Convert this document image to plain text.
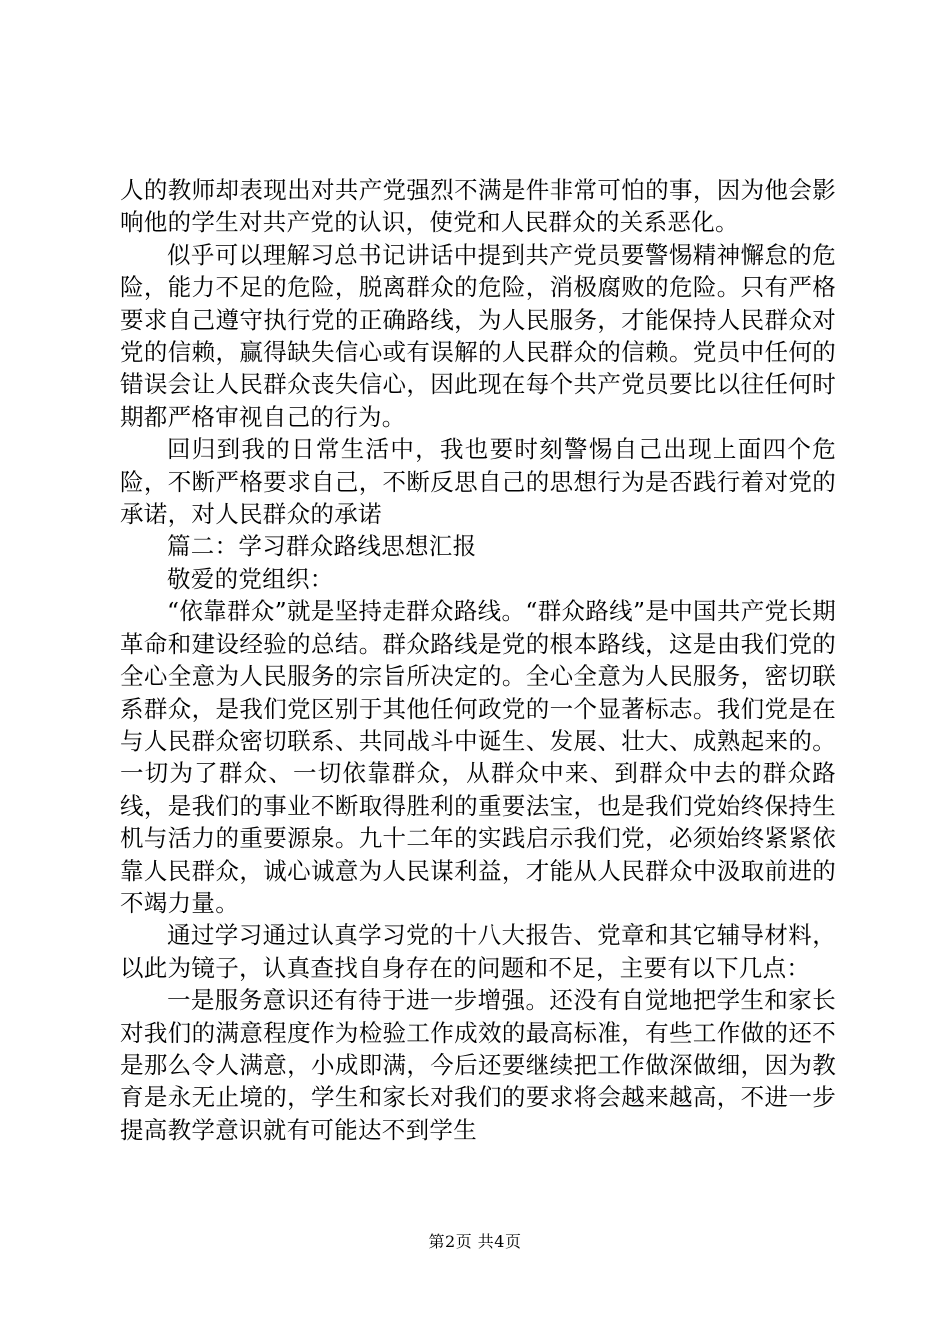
人的教师却表现出对共产党强烈不满是件非常可怕的事，因为他会影响他的学生对共产党的认识，使党和人民群众的关系恶化。

似乎可以理解习总书记讲话中提到共产党员要警惕精神懈怠的危险，能力不足的危险，脱离群众的危险，消极腐败的危险。只有严格要求自己遵守执行党的正确路线，为人民服务，才能保持人民群众对党的信赖，赢得缺失信心或有误解的人民群众的信赖。党员中任何的错误会让人民群众丧失信心，因此现在每个共产党员要比以往任何时期都严格审视自己的行为。

回归到我的日常生活中，我也要时刻警惕自己出现上面四个危险，不断严格要求自己，不断反思自己的思想行为是否践行着对党的承诺，对人民群众的承诺

篇二：学习群众路线思想汇报

敬爱的党组织：

“依靠群众”就是坚持走群众路线。“群众路线”是中国共产党长期革命和建设经验的总结。群众路线是党的根本路线，这是由我们党的全心全意为人民服务的宗旨所决定的。全心全意为人民服务，密切联系群众，是我们党区别于其他任何政党的一个显著标志。我们党是在与人民群众密切联系、共同战斗中诞生、发展、壮大、成熟起来的。一切为了群众、一切依靠群众，从群众中来、到群众中去的群众路线，是我们的事业不断取得胜利的重要法宝，也是我们党始终保持生机与活力的重要源泉。九十二年的实践启示我们党，必须始终紧紧依靠人民群众，诚心诚意为人民谋利益，才能从人民群众中汲取前进的不竭力量。

通过学习通过认真学习党的十八大报告、党章和其它辅导材料，以此为镜子，认真查找自身存在的问题和不足，主要有以下几点：

一是服务意识还有待于进一步增强。还没有自觉地把学生和家长对我们的满意程度作为检验工作成效的最高标准，有些工作做的还不是那么令人满意，小成即满，今后还要继续把工作做深做细，因为教育是永无止境的，学生和家长对我们的要求将会越来越高，不进一步提高教学意识就有可能达不到学生

第2页 共4页
